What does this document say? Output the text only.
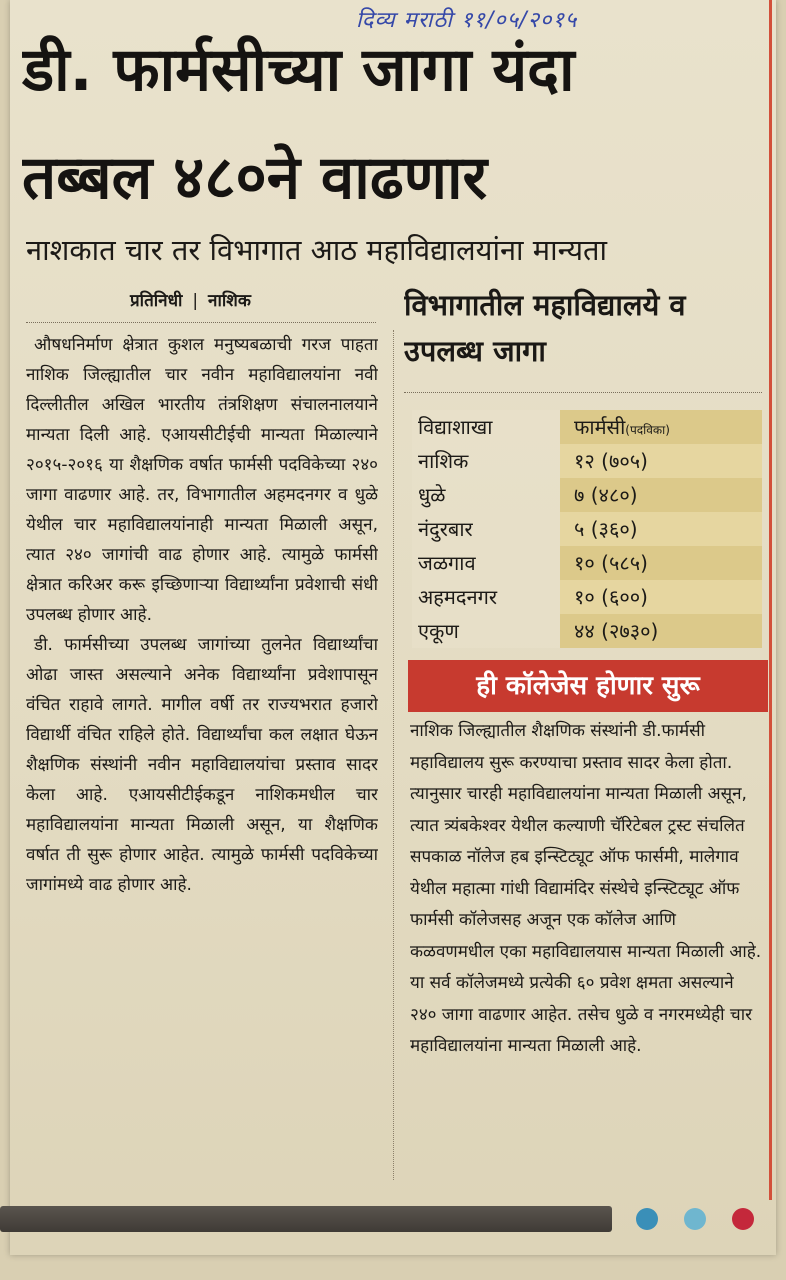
दिव्य मराठी ११/०५/२०१५
डी. फार्मसीच्या जागा यंदा
तब्बल ४८०ने वाढणार
नाशकात चार तर विभागात आठ महाविद्यालयांना मान्यता
प्रतिनिधी | नाशिक

औषधनिर्माण क्षेत्रात कुशल मनुष्यबळाची गरज पाहता नाशिक जिल्ह्यातील चार नवीन महाविद्यालयांना नवी दिल्लीतील अखिल भारतीय तंत्रशिक्षण संचालनालयाने मान्यता दिली आहे. एआयसीटीईची मान्यता मिळाल्याने २०१५-२०१६ या शैक्षणिक वर्षात फार्मसी पदविकेच्या २४० जागा वाढणार आहे. तर, विभागातील अहमदनगर व धुळे येथील चार महाविद्यालयांनाही मान्यता मिळाली असून, त्यात २४० जागांची वाढ होणार आहे. त्यामुळे फार्मसी क्षेत्रात करिअर करू इच्छिणाऱ्या विद्यार्थ्यांना प्रवेशाची संधी उपलब्ध होणार आहे.

डी. फार्मसीच्या उपलब्ध जागांच्या तुलनेत विद्यार्थ्यांचा ओढा जास्त असल्याने अनेक विद्यार्थ्यांना प्रवेशापासून वंचित राहावे लागते. मागील वर्षी तर राज्यभरात हजारो विद्यार्थी वंचित राहिले होते. विद्यार्थ्यांचा कल लक्षात घेऊन शैक्षणिक संस्थांनी नवीन महाविद्यालयांचा प्रस्ताव सादर केला आहे. एआयसीटीईकडून नाशिकमधील चार महाविद्यालयांना मान्यता मिळाली असून, या शैक्षणिक वर्षात ती सुरू होणार आहेत. त्यामुळे फार्मसी पदविकेच्या जागांमध्ये वाढ होणार आहे.

विभागातील महाविद्यालये व उपलब्ध जागा
विद्याशाखा	फार्मसी(पदविका)
नाशिक	१२ (७०५)
धुळे	७ (४८०)
नंदुरबार	५ (३६०)
जळगाव	१० (५८५)
अहमदनगर	१० (६००)
एकूण	४४ (२७३०)
ही कॉलेजेस होणार सुरू

नाशिक जिल्ह्यातील शैक्षणिक संस्थांनी डी.फार्मसी महाविद्यालय सुरू करण्याचा प्रस्ताव सादर केला होता. त्यानुसार चारही महाविद्यालयांना मान्यता मिळाली असून, त्यात त्र्यंबकेश्वर येथील कल्याणी चॅरिटेबल ट्रस्ट संचलित सपकाळ नॉलेज हब इन्स्टिट्यूट ऑफ फार्समी, मालेगाव येथील महात्मा गांधी विद्यामंदिर संस्थेचे इन्स्टिट्यूट ऑफ फार्मसी कॉलेजसह अजून एक कॉलेज आणि कळवणमधील एका महाविद्यालयास मान्यता मिळाली आहे. या सर्व कॉलेजमध्ये प्रत्येकी ६० प्रवेश क्षमता असल्याने २४० जागा वाढणार आहेत. तसेच धुळे व नगरमध्येही चार महाविद्यालयांना मान्यता मिळाली आहे.
